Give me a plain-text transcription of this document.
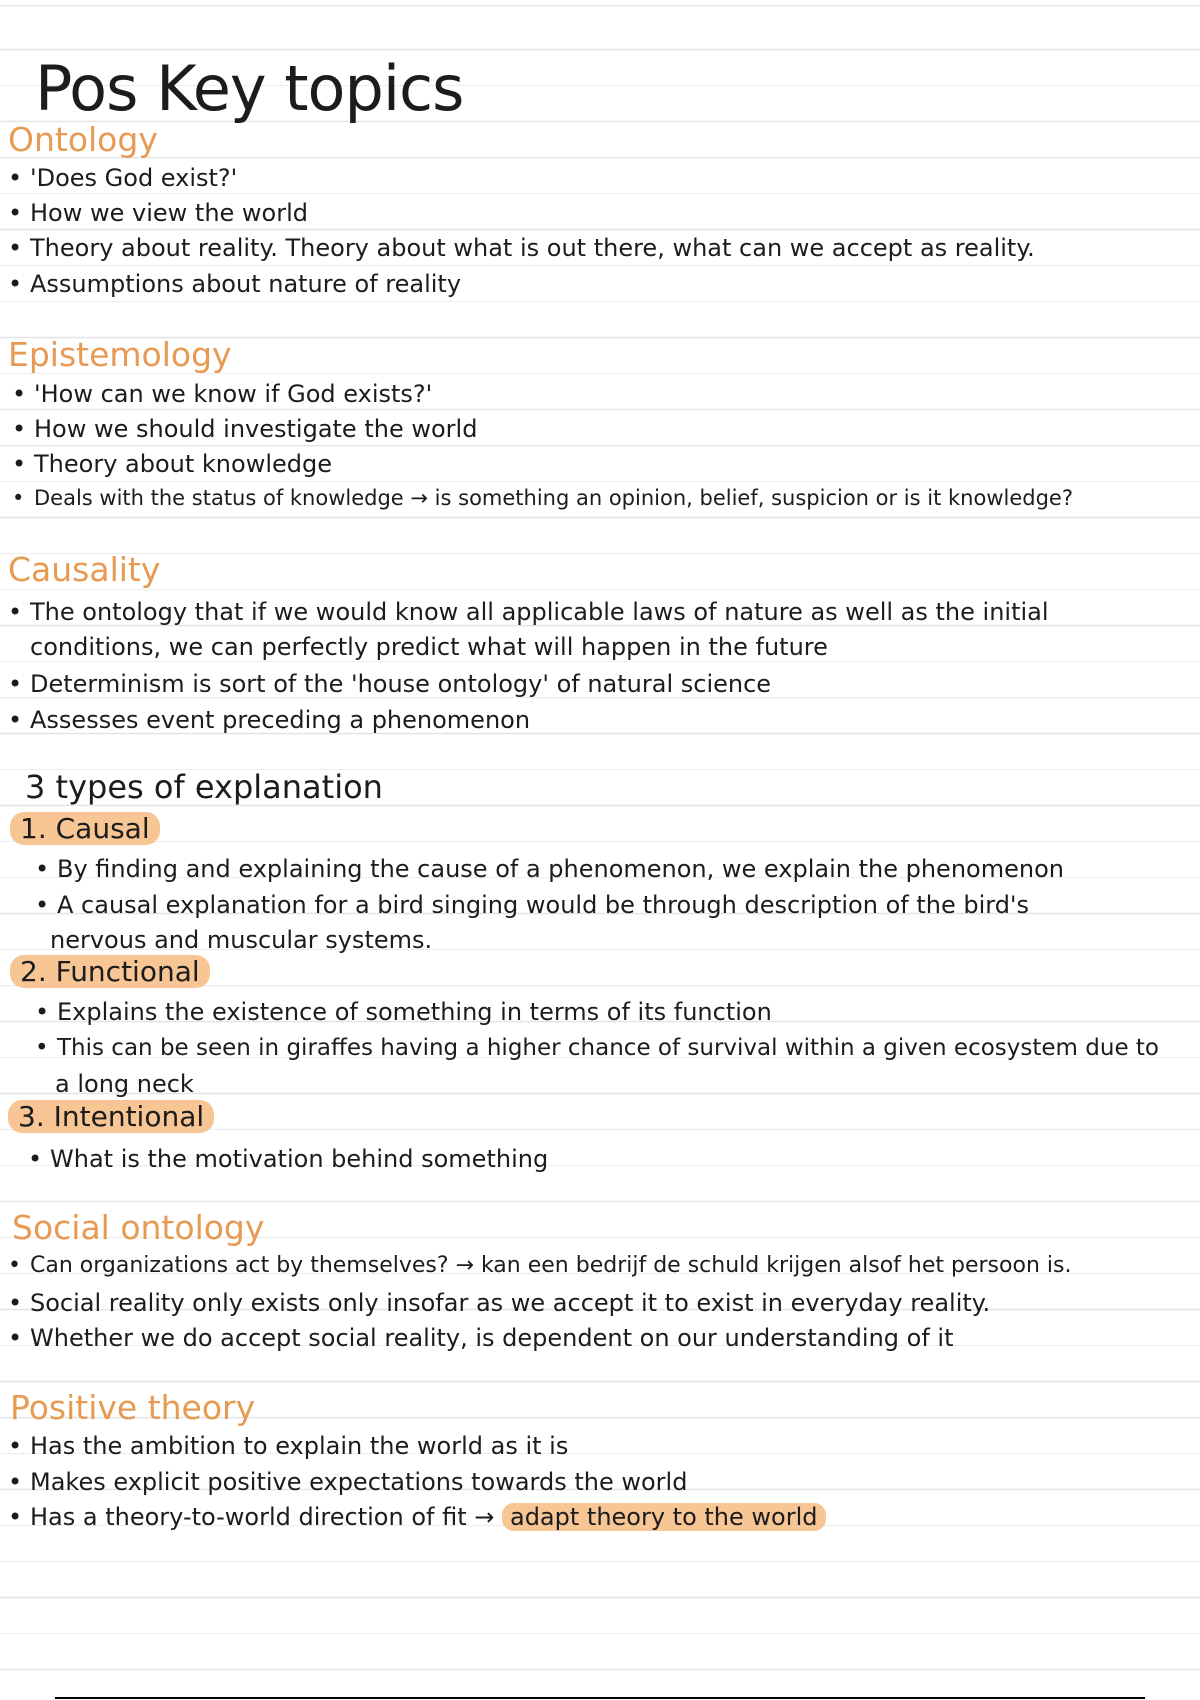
Pos Key topics
Ontology
• 'Does God exist?'
• How we view the world
• Theory about reality. Theory about what is out there, what can we accept as reality.
• Assumptions about nature of reality
Epistemology
• 'How can we know if God exists?'
• How we should investigate the world
• Theory about knowledge
• Deals with the status of knowledge → is something an opinion, belief, suspicion or is it knowledge?
Causality
• The ontology that if we would know all applicable laws of nature as well as the initial
conditions, we can perfectly predict what will happen in the future
• Determinism is sort of the 'house ontology' of natural science
• Assesses event preceding a phenomenon
3 types of explanation
1. Causal
• By finding and explaining the cause of a phenomenon, we explain the phenomenon
• A causal explanation for a bird singing would be through description of the bird's
nervous and muscular systems.
2. Functional
• Explains the existence of something in terms of its function
• This can be seen in giraffes having a higher chance of survival within a given ecosystem due to
a long neck
3. Intentional
• What is the motivation behind something
Social ontology
• Can organizations act by themselves? → kan een bedrijf de schuld krijgen alsof het persoon is.
• Social reality only exists only insofar as we accept it to exist in everyday reality.
• Whether we do accept social reality, is dependent on our understanding of it
Positive theory
• Has the ambition to explain the world as it is
• Makes explicit positive expectations towards the world
• Has a theory-to-world direction of fit → adapt theory to the world
